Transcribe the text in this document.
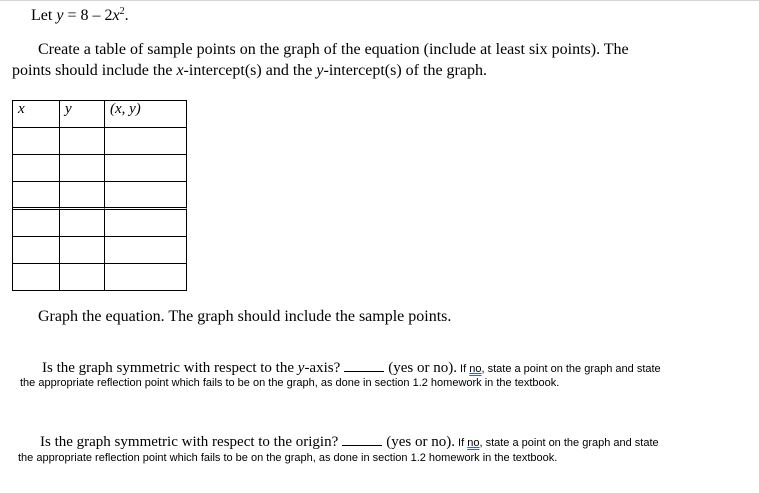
Let $y = 8 - 2x^2$.
Create a table of sample points on the graph of the equation (include at least six points). The
points should include the x-intercept(s) and the y-intercept(s) of the graph.
x	y	(x, y)

Graph the equation. The graph should include the sample points.
Is the graph symmetric with respect to the y-axis?	(yes or no). If no, state a point on the graph and state
the appropriate reflection point which fails to be on the graph, as done in section 1.2 homework in the textbook.
Is the graph symmetric with respect to the origin?	(yes or no). If no, state a point on the graph and state
the appropriate reflection point which fails to be on the graph, as done in section 1.2 homework in the textbook.
